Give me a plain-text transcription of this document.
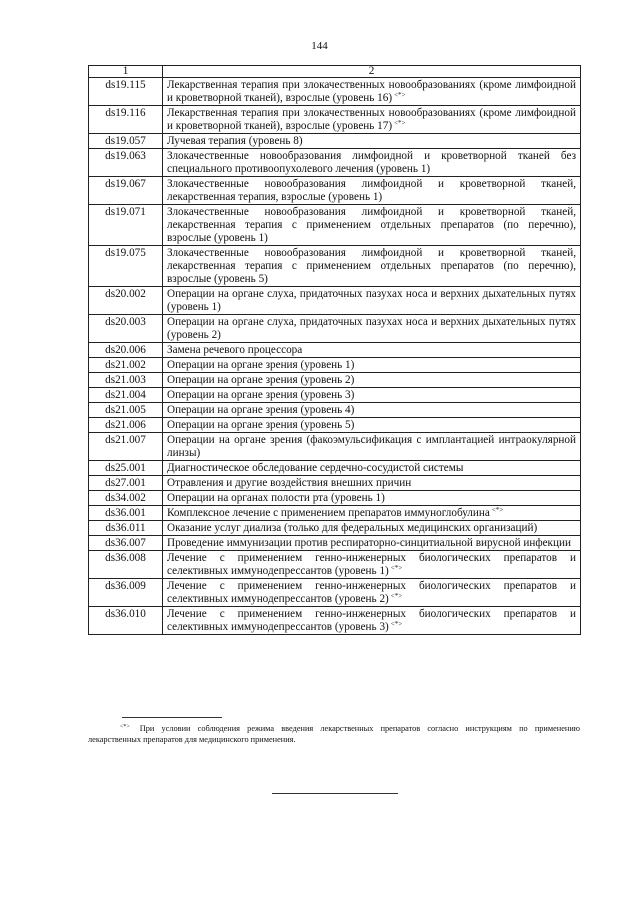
144
1	2
ds19.115	Лекарственная терапия при злокачественных новообразованиях (кроме лимфоидной и кроветворной тканей), взрослые (уровень 16) <*>
ds19.116	Лекарственная терапия при злокачественных новообразованиях (кроме лимфоидной и кроветворной тканей), взрослые (уровень 17) <*>
ds19.057	Лучевая терапия (уровень 8)
ds19.063	Злокачественные новообразования лимфоидной и кроветворной тканей без специального противоопухолевого лечения (уровень 1)
ds19.067	Злокачественные новообразования лимфоидной и кроветворной тканей, лекарственная терапия, взрослые (уровень 1)
ds19.071	Злокачественные новообразования лимфоидной и кроветворной тканей, лекарственная терапия с применением отдельных препаратов (по перечню), взрослые (уровень 1)
ds19.075	Злокачественные новообразования лимфоидной и кроветворной тканей, лекарственная терапия с применением отдельных препаратов (по перечню), взрослые (уровень 5)
ds20.002	Операции на органе слуха, придаточных пазухах носа и верхних дыхательных путях (уровень 1)
ds20.003	Операции на органе слуха, придаточных пазухах носа и верхних дыхательных путях (уровень 2)
ds20.006	Замена речевого процессора
ds21.002	Операции на органе зрения (уровень 1)
ds21.003	Операции на органе зрения (уровень 2)
ds21.004	Операции на органе зрения (уровень 3)
ds21.005	Операции на органе зрения (уровень 4)
ds21.006	Операции на органе зрения (уровень 5)
ds21.007	Операции на органе зрения (факоэмульсификация с имплантацией интраокулярной линзы)
ds25.001	Диагностическое обследование сердечно-сосудистой системы
ds27.001	Отравления и другие воздействия внешних причин
ds34.002	Операции на органах полости рта (уровень 1)
ds36.001	Комплексное лечение с применением препаратов иммуноглобулина <*>
ds36.011	Оказание услуг диализа (только для федеральных медицинских организаций)
ds36.007	Проведение иммунизации против респираторно-синцитиальной вирусной инфекции
ds36.008	Лечение с применением генно-инженерных биологических препаратов и селективных иммунодепрессантов (уровень 1) <*>
ds36.009	Лечение с применением генно-инженерных биологических препаратов и селективных иммунодепрессантов (уровень 2) <*>
ds36.010	Лечение с применением генно-инженерных биологических препаратов и селективных иммунодепрессантов (уровень 3) <*>
<*> При условии соблюдения режима введения лекарственных препаратов согласно инструкциям по применению лекарственных препаратов для медицинского применения.
